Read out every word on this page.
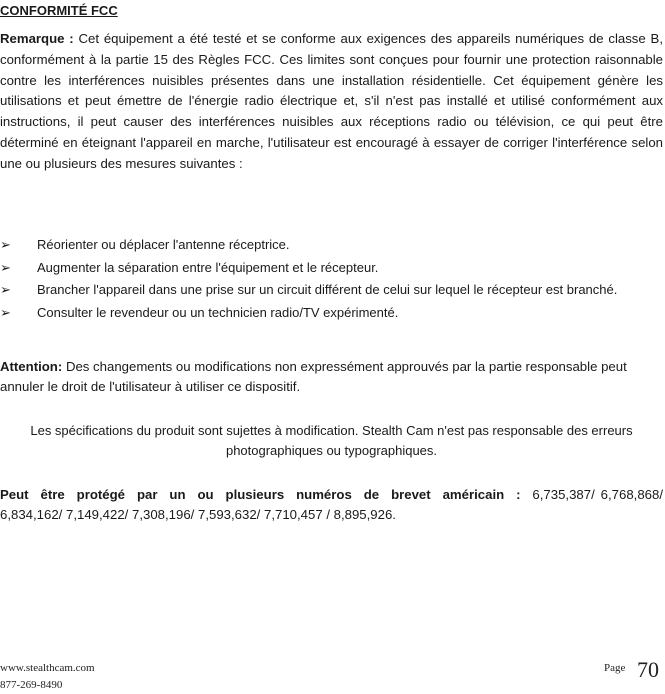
CONFORMITÉ FCC
Remarque : Cet équipement a été testé et se conforme aux exigences des appareils numériques de classe B, conformément à la partie 15 des Règles FCC. Ces limites sont conçues pour fournir une protection raisonnable contre les interférences nuisibles présentes dans une installation résidentielle. Cet équipement génère les utilisations et peut émettre de l'énergie radio électrique et, s'il n'est pas installé et utilisé conformément aux instructions, il peut causer des interférences nuisibles aux réceptions radio ou télévision, ce qui peut être déterminé en éteignant l'appareil en marche, l'utilisateur est encouragé à essayer de corriger l'interférence selon une ou plusieurs des mesures suivantes :
➢ Réorienter ou déplacer l'antenne réceptrice.
➢ Augmenter la séparation entre l'équipement et le récepteur.
➢ Brancher l'appareil dans une prise sur un circuit différent de celui sur lequel le récepteur est branché.
➢ Consulter le revendeur ou un technicien radio/TV expérimenté.
Attention: Des changements ou modifications non expressément approuvés par la partie responsable peut annuler le droit de l'utilisateur à utiliser ce dispositif.
Les spécifications du produit sont sujettes à modification. Stealth Cam n'est pas responsable des erreurs photographiques ou typographiques.
Peut être protégé par un ou plusieurs numéros de brevet américain : 6,735,387/ 6,768,868/ 6,834,162/ 7,149,422/ 7,308,196/ 7,593,632/ 7,710,457 / 8,895,926.
www.stealthcam.com
877-269-8490
Page 70
